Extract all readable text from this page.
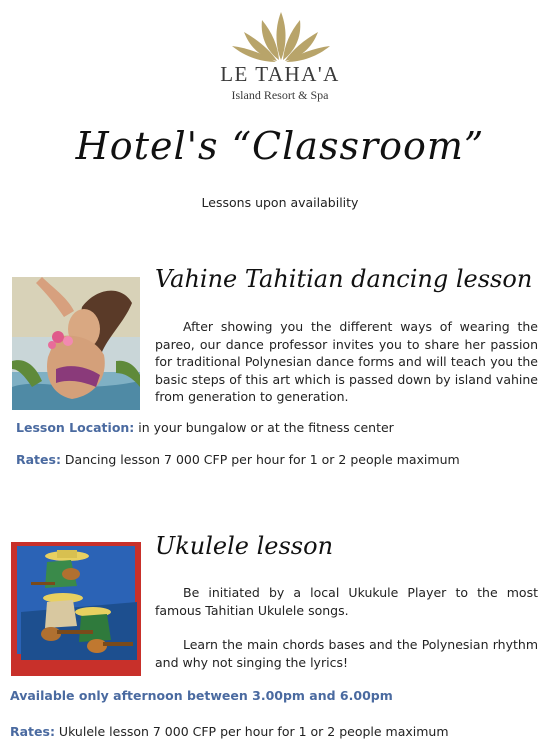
LE TAHA'A
Island Resort & Spa
Hotel's “Classroom”
Lessons upon availability
Vahine Tahitian dancing lesson
After showing you the different ways of wearing the pareo, our dance professor invites you to share her passion for traditional Polynesian dance forms and will teach you the basic steps of this art which is passed down by island vahine from generation to generation.
Lesson Location: in your bungalow or at the fitness center
Rates: Dancing lesson 7 000 CFP per hour for 1 or 2 people maximum
Ukulele lesson
Be initiated by a local Ukukule Player to the most famous Tahitian Ukulele songs.
Learn the main chords bases and the Polynesian rhythm and why not singing the lyrics!
Available only afternoon between 3.00pm and 6.00pm
Rates: Ukulele lesson 7 000 CFP per hour for 1 or 2 people maximum
